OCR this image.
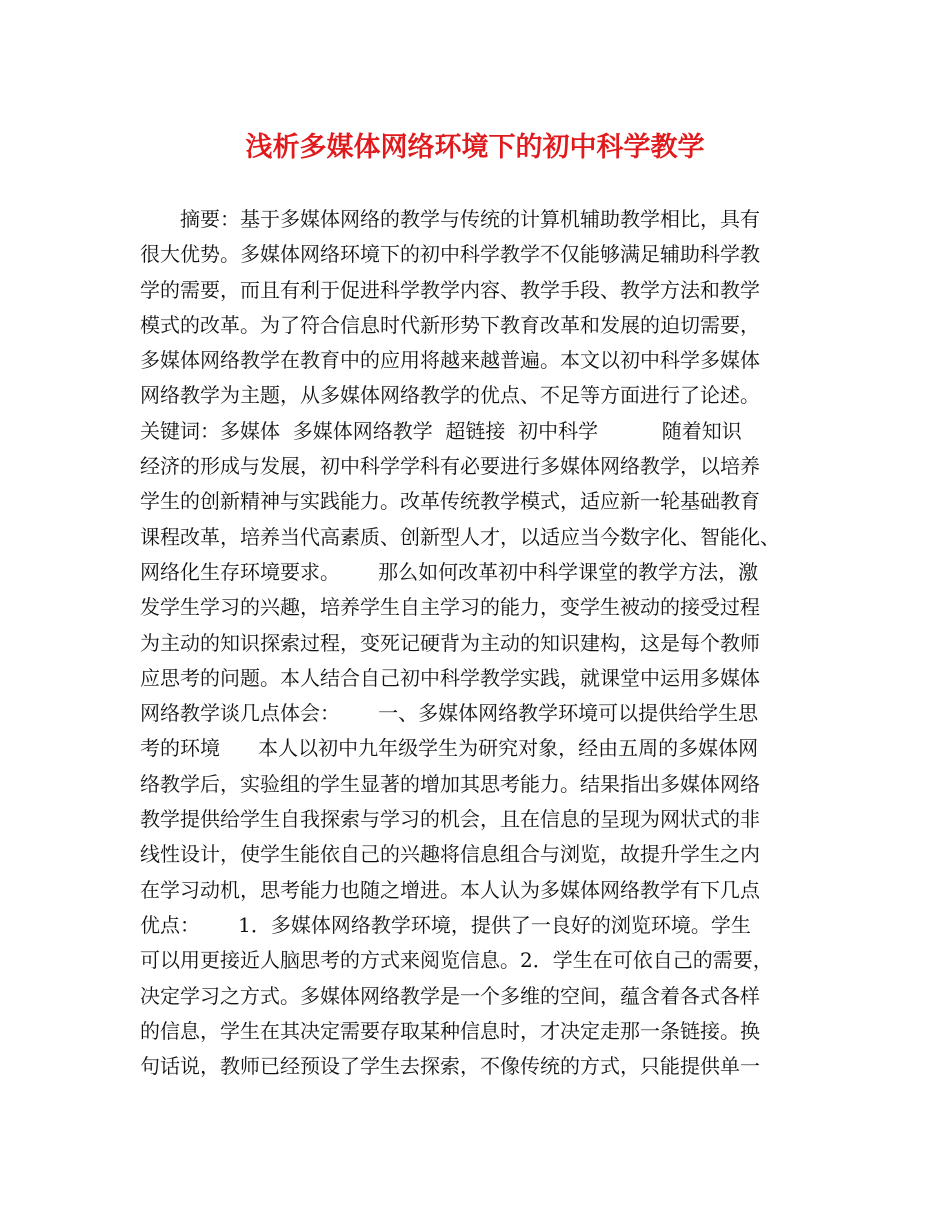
浅析多媒体网络环境下的初中科学教学
　　摘要：基于多媒体网络的教学与传统的计算机辅助教学相比，具有
很大优势。多媒体网络环境下的初中科学教学不仅能够满足辅助科学教
学的需要，而且有利于促进科学教学内容、教学手段、教学方法和教学
模式的改革。为了符合信息时代新形势下教育改革和发展的迫切需要，
多媒体网络教学在教育中的应用将越来越普遍。本文以初中科学多媒体
网络教学为主题，从多媒体网络教学的优点、不足等方面进行了论述。
关键词：多媒体  多媒体网络教学  超链接  初中科学          随着知识
经济的形成与发展，初中科学学科有必要进行多媒体网络教学，以培养
学生的创新精神与实践能力。改革传统教学模式，适应新一轮基础教育
课程改革，培养当代高素质、创新型人才，以适应当今数字化、智能化、
网络化生存环境要求。      那么如何改革初中科学课堂的教学方法，激
发学生学习的兴趣，培养学生自主学习的能力，变学生被动的接受过程
为主动的知识探索过程，变死记硬背为主动的知识建构，这是每个教师
应思考的问题。本人结合自己初中科学教学实践，就课堂中运用多媒体
网络教学谈几点体会：      一、多媒体网络教学环境可以提供给学生思
考的环境      本人以初中九年级学生为研究对象，经由五周的多媒体网
络教学后，实验组的学生显著的增加其思考能力。结果指出多媒体网络
教学提供给学生自我探索与学习的机会，且在信息的呈现为网状式的非
线性设计，使学生能依自己的兴趣将信息组合与浏览，故提升学生之内
在学习动机，思考能力也随之增进。本人认为多媒体网络教学有下几点
优点：      1．多媒体网络教学环境，提供了一良好的浏览环境。学生
可以用更接近人脑思考的方式来阅览信息。2．学生在可依自己的需要，
决定学习之方式。多媒体网络教学是一个多维的空间，蕴含着各式各样
的信息，学生在其决定需要存取某种信息时，才决定走那一条链接。换
句话说，教师已经预设了学生去探索，不像传统的方式，只能提供单一
